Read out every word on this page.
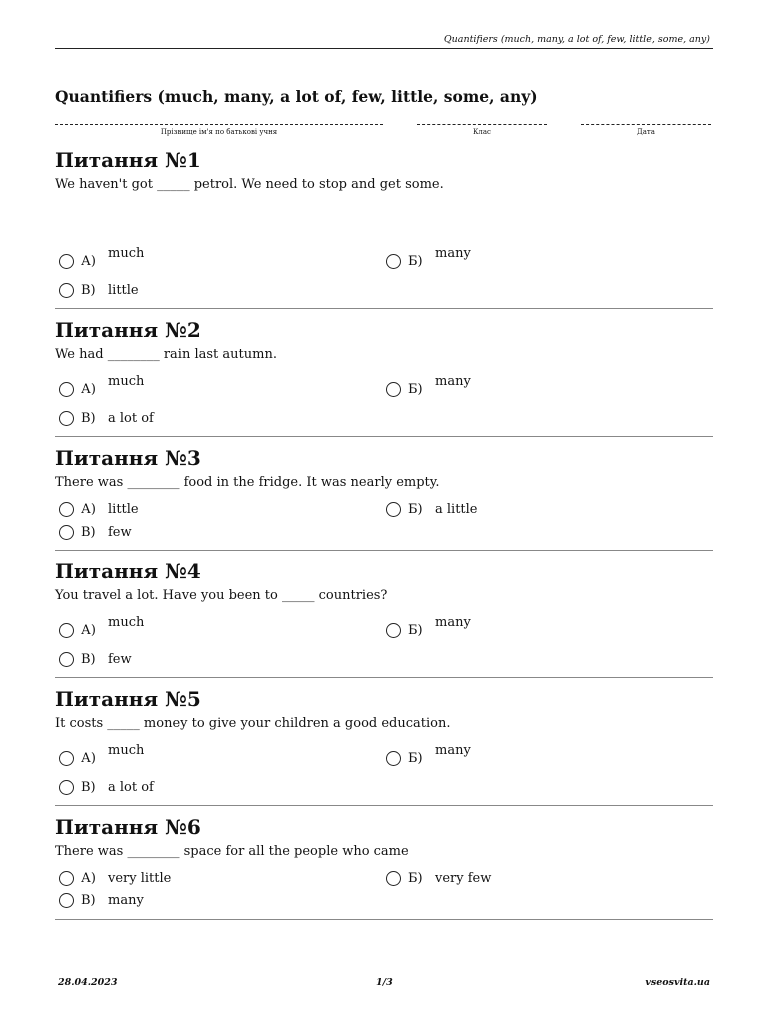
Quantifiers (much, many, a lot of, few, little, some, any)
Quantifiers (much, many, a lot of, few, little, some, any)
Прізвище ім'я по батькові учня	Клас	Дата
Питання №1
We haven't got _____ petrol. We need to stop and get some.
А)
much
Б)
many
В) little
Питання №2
We had ________ rain last autumn.
А)
much
Б)
many
В) a lot of
Питання №3
There was ________ food in the fridge. It was nearly empty.
А) little	Б) a little
В) few
Питання №4
You travel a lot. Have you been to _____ countries?
А)
much
Б)
many
В) few
Питання №5
It costs _____ money to give your children a good education.
А)
much
Б)
many
В) a lot of
Питання №6
There was ________ space for all the people who came
А) very little	Б) very few
В) many
28.04.2023	1/3	vseosvita.ua
